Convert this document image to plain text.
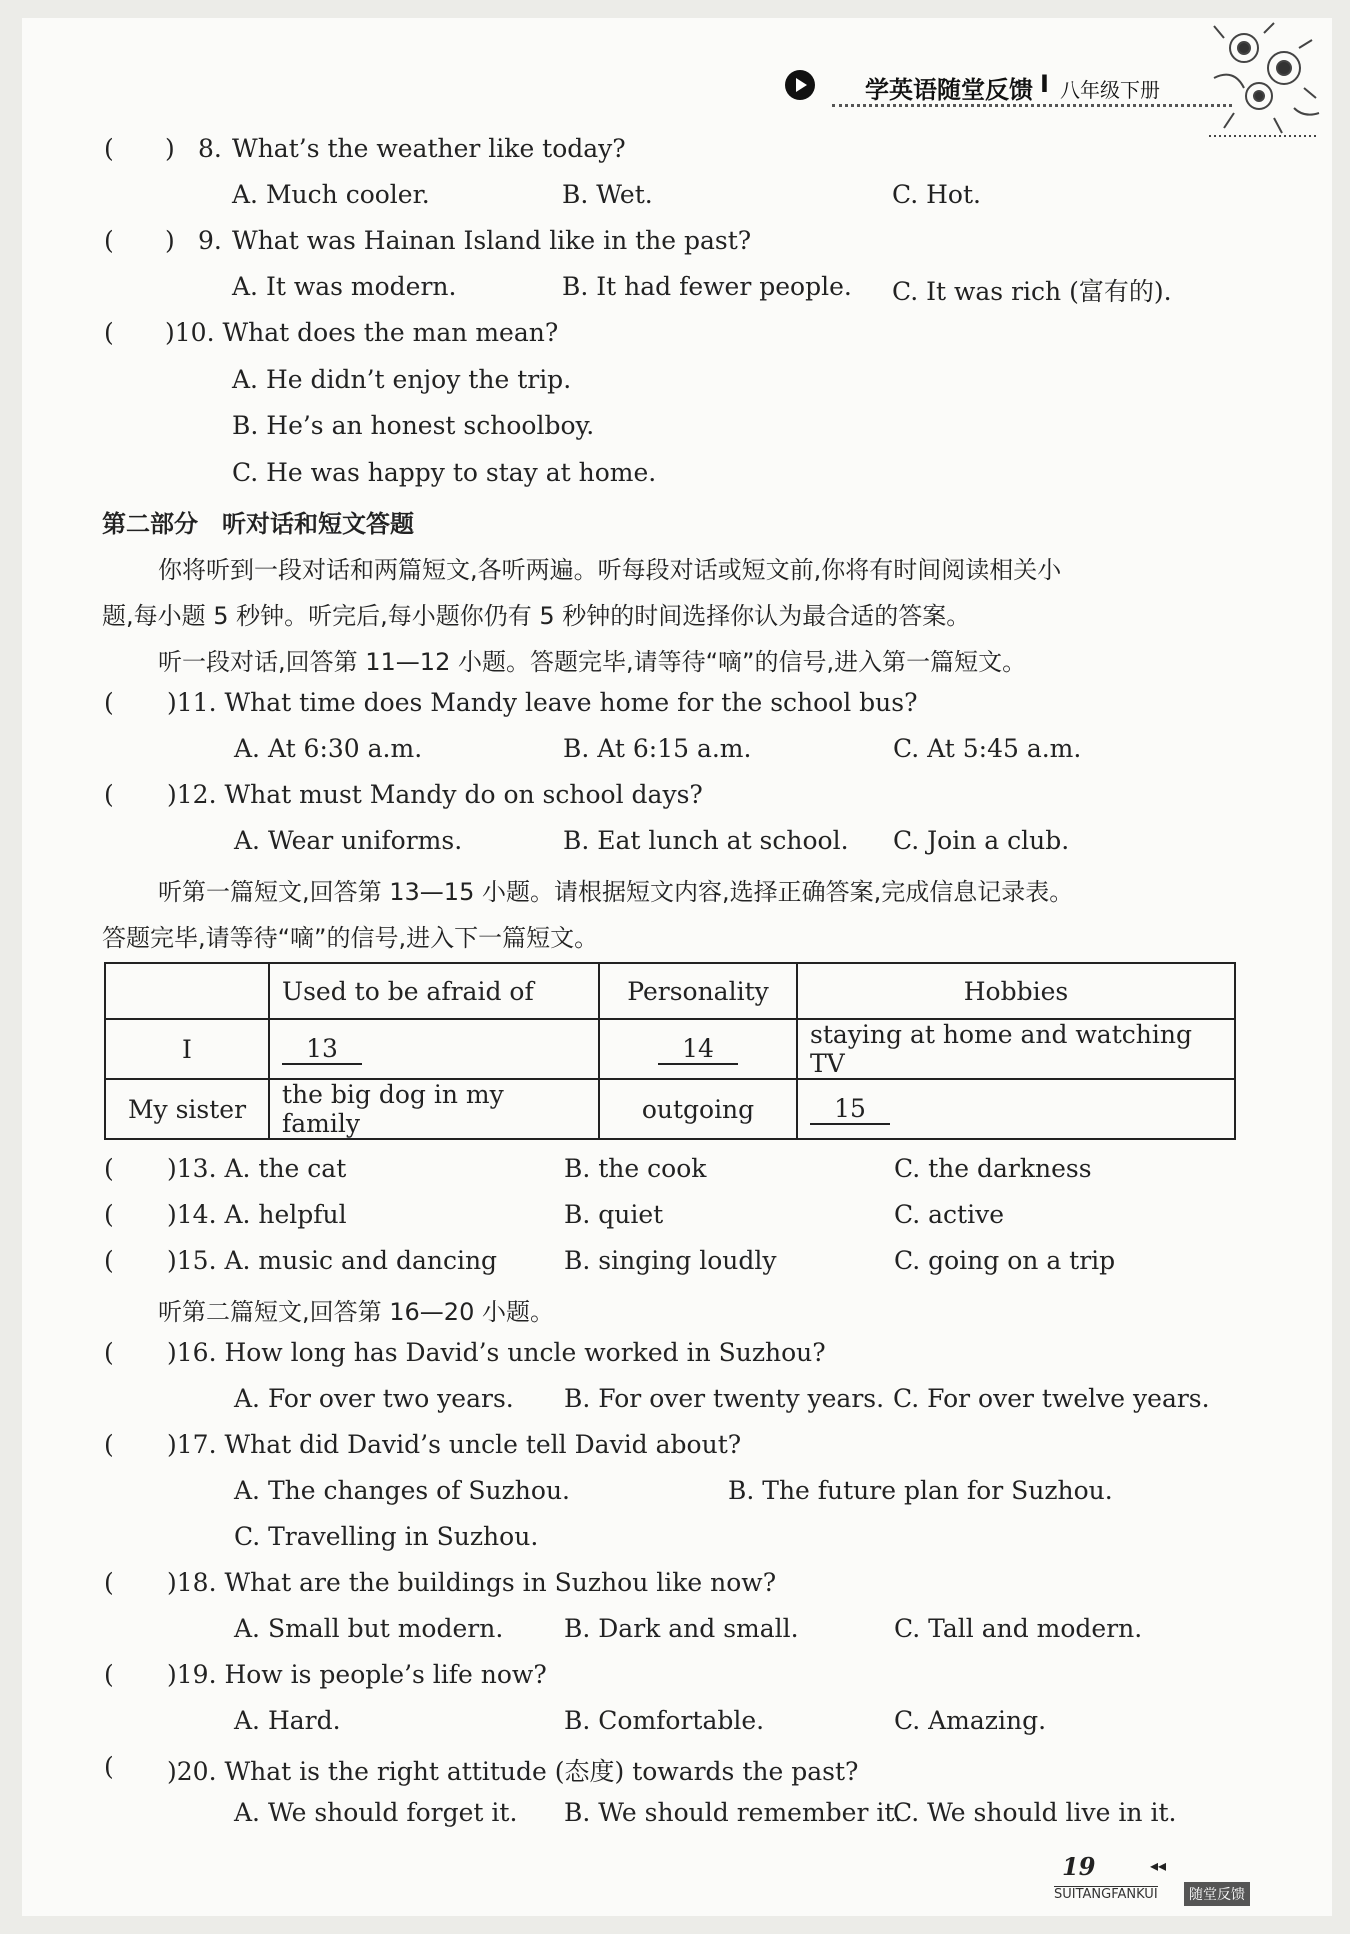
学英语随堂反馈 I 八年级下册
( ) 8. What’s the weather like today?
A. Much cooler.	B. Wet.	C. Hot.
( ) 9. What was Hainan Island like in the past?
A. It was modern.	B. It had fewer people. C. It was rich (富有的).
( )10. What does the man mean?
A. He didn’t enjoy the trip.
B. He’s an honest schoolboy.
C. He was happy to stay at home.
第二部分　听对话和短文答题
你将听到一段对话和两篇短文,各听两遍。听每段对话或短文前,你将有时间阅读相关小
题,每小题 5 秒钟。听完后,每小题你仍有 5 秒钟的时间选择你认为最合适的答案。
听一段对话,回答第 11—12 小题。答题完毕,请等待“嘀”的信号,进入第一篇短文。
( )11. What time does Mandy leave home for the school bus?
A. At 6:30 a.m.	B. At 6:15 a.m.	C. At 5:45 a.m.
( )12. What must Mandy do on school days?
A. Wear uniforms.	B. Eat lunch at school. C. Join a club.
听第一篇短文,回答第 13—15 小题。请根据短文内容,选择正确答案,完成信息记录表。
答题完毕,请等待“嘀”的信号,进入下一篇短文。
	Used to be afraid of	Personality	Hobbies
I	13	14	staying at home and watching TV
My sister	the big dog in my family	outgoing	15
( )13. A. the cat	B. the cook	C. the darkness
( )14. A. helpful	B. quiet	C. active
( )15. A. music and dancing	B. singing loudly	C. going on a trip
听第二篇短文,回答第 16—20 小题。
( )16. How long has David’s uncle worked in Suzhou?
A. For over two years. B. For over twenty years. C. For over twelve years.
( )17. What did David’s uncle tell David about?
A. The changes of Suzhou.	B. The future plan for Suzhou.
C. Travelling in Suzhou.
( )18. What are the buildings in Suzhou like now?
A. Small but modern. B. Dark and small.	C. Tall and modern.
( )19. How is people’s life now?
A. Hard.	B. Comfortable.	C. Amazing.
( )20. What is the right attitude (态度) towards the past?
A. We should forget it. B. We should remember it.
C. We should live in it.
19	◂◂
SUITANGFANKUI	随堂反馈
